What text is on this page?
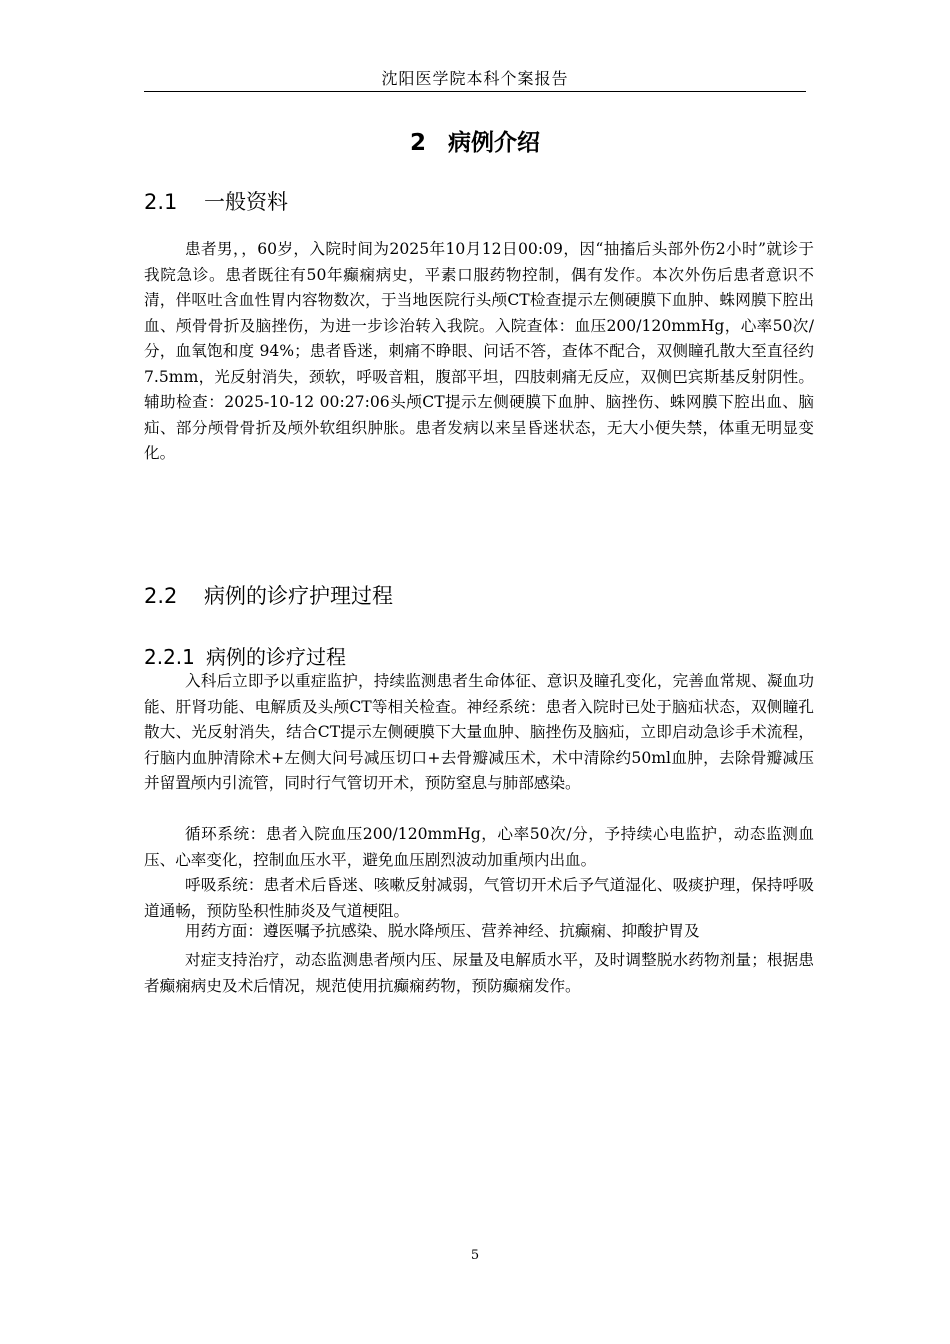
沈阳医学院本科个案报告
2 病例介绍
2.1 一般资料

患者男，，60岁，入院时间为2025年10月12日00:09，因“抽搐后头部外伤2小时”就诊于我院急诊。患者既往有50年癫痫病史，平素口服药物控制，偶有发作。本次外伤后患者意识不清，伴呕吐含血性胃内容物数次，于当地医院行头颅CT检查提示左侧硬膜下血肿、蛛网膜下腔出血、颅骨骨折及脑挫伤，为进一步诊治转入我院。入院查体：血压200/120mmHg，心率50次/分，血氧饱和度 94%；患者昏迷，刺痛不睁眼、问话不答，查体不配合，双侧瞳孔散大至直径约7.5mm，光反射消失，颈软，呼吸音粗，腹部平坦，四肢刺痛无反应，双侧巴宾斯基反射阴性。辅助检查：2025-10-12 00:27:06头颅CT提示左侧硬膜下血肿、脑挫伤、蛛网膜下腔出血、脑疝、部分颅骨骨折及颅外软组织肿胀。患者发病以来呈昏迷状态，无大小便失禁，体重无明显变化。

2.2 病例的诊疗护理过程
2.2.1 病例的诊疗过程

入科后立即予以重症监护，持续监测患者生命体征、意识及瞳孔变化，完善血常规、凝血功能、肝肾功能、电解质及头颅CT等相关检查。神经系统：患者入院时已处于脑疝状态，双侧瞳孔散大、光反射消失，结合CT提示左侧硬膜下大量血肿、脑挫伤及脑疝，立即启动急诊手术流程，行脑内血肿清除术+左侧大问号减压切口+去骨瓣减压术，术中清除约50ml血肿，去除骨瓣减压并留置颅内引流管，同时行气管切开术，预防窒息与肺部感染。

循环系统：患者入院血压200/120mmHg，心率50次/分，予持续心电监护，动态监测血压、心率变化，控制血压水平，避免血压剧烈波动加重颅内出血。

呼吸系统：患者术后昏迷、咳嗽反射减弱，气管切开术后予气道湿化、吸痰护理，保持呼吸道通畅，预防坠积性肺炎及气道梗阻。

用药方面：遵医嘱予抗感染、脱水降颅压、营养神经、抗癫痫、抑酸护胃及

对症支持治疗，动态监测患者颅内压、尿量及电解质水平，及时调整脱水药物剂量；根据患者癫痫病史及术后情况，规范使用抗癫痫药物，预防癫痫发作。

5
